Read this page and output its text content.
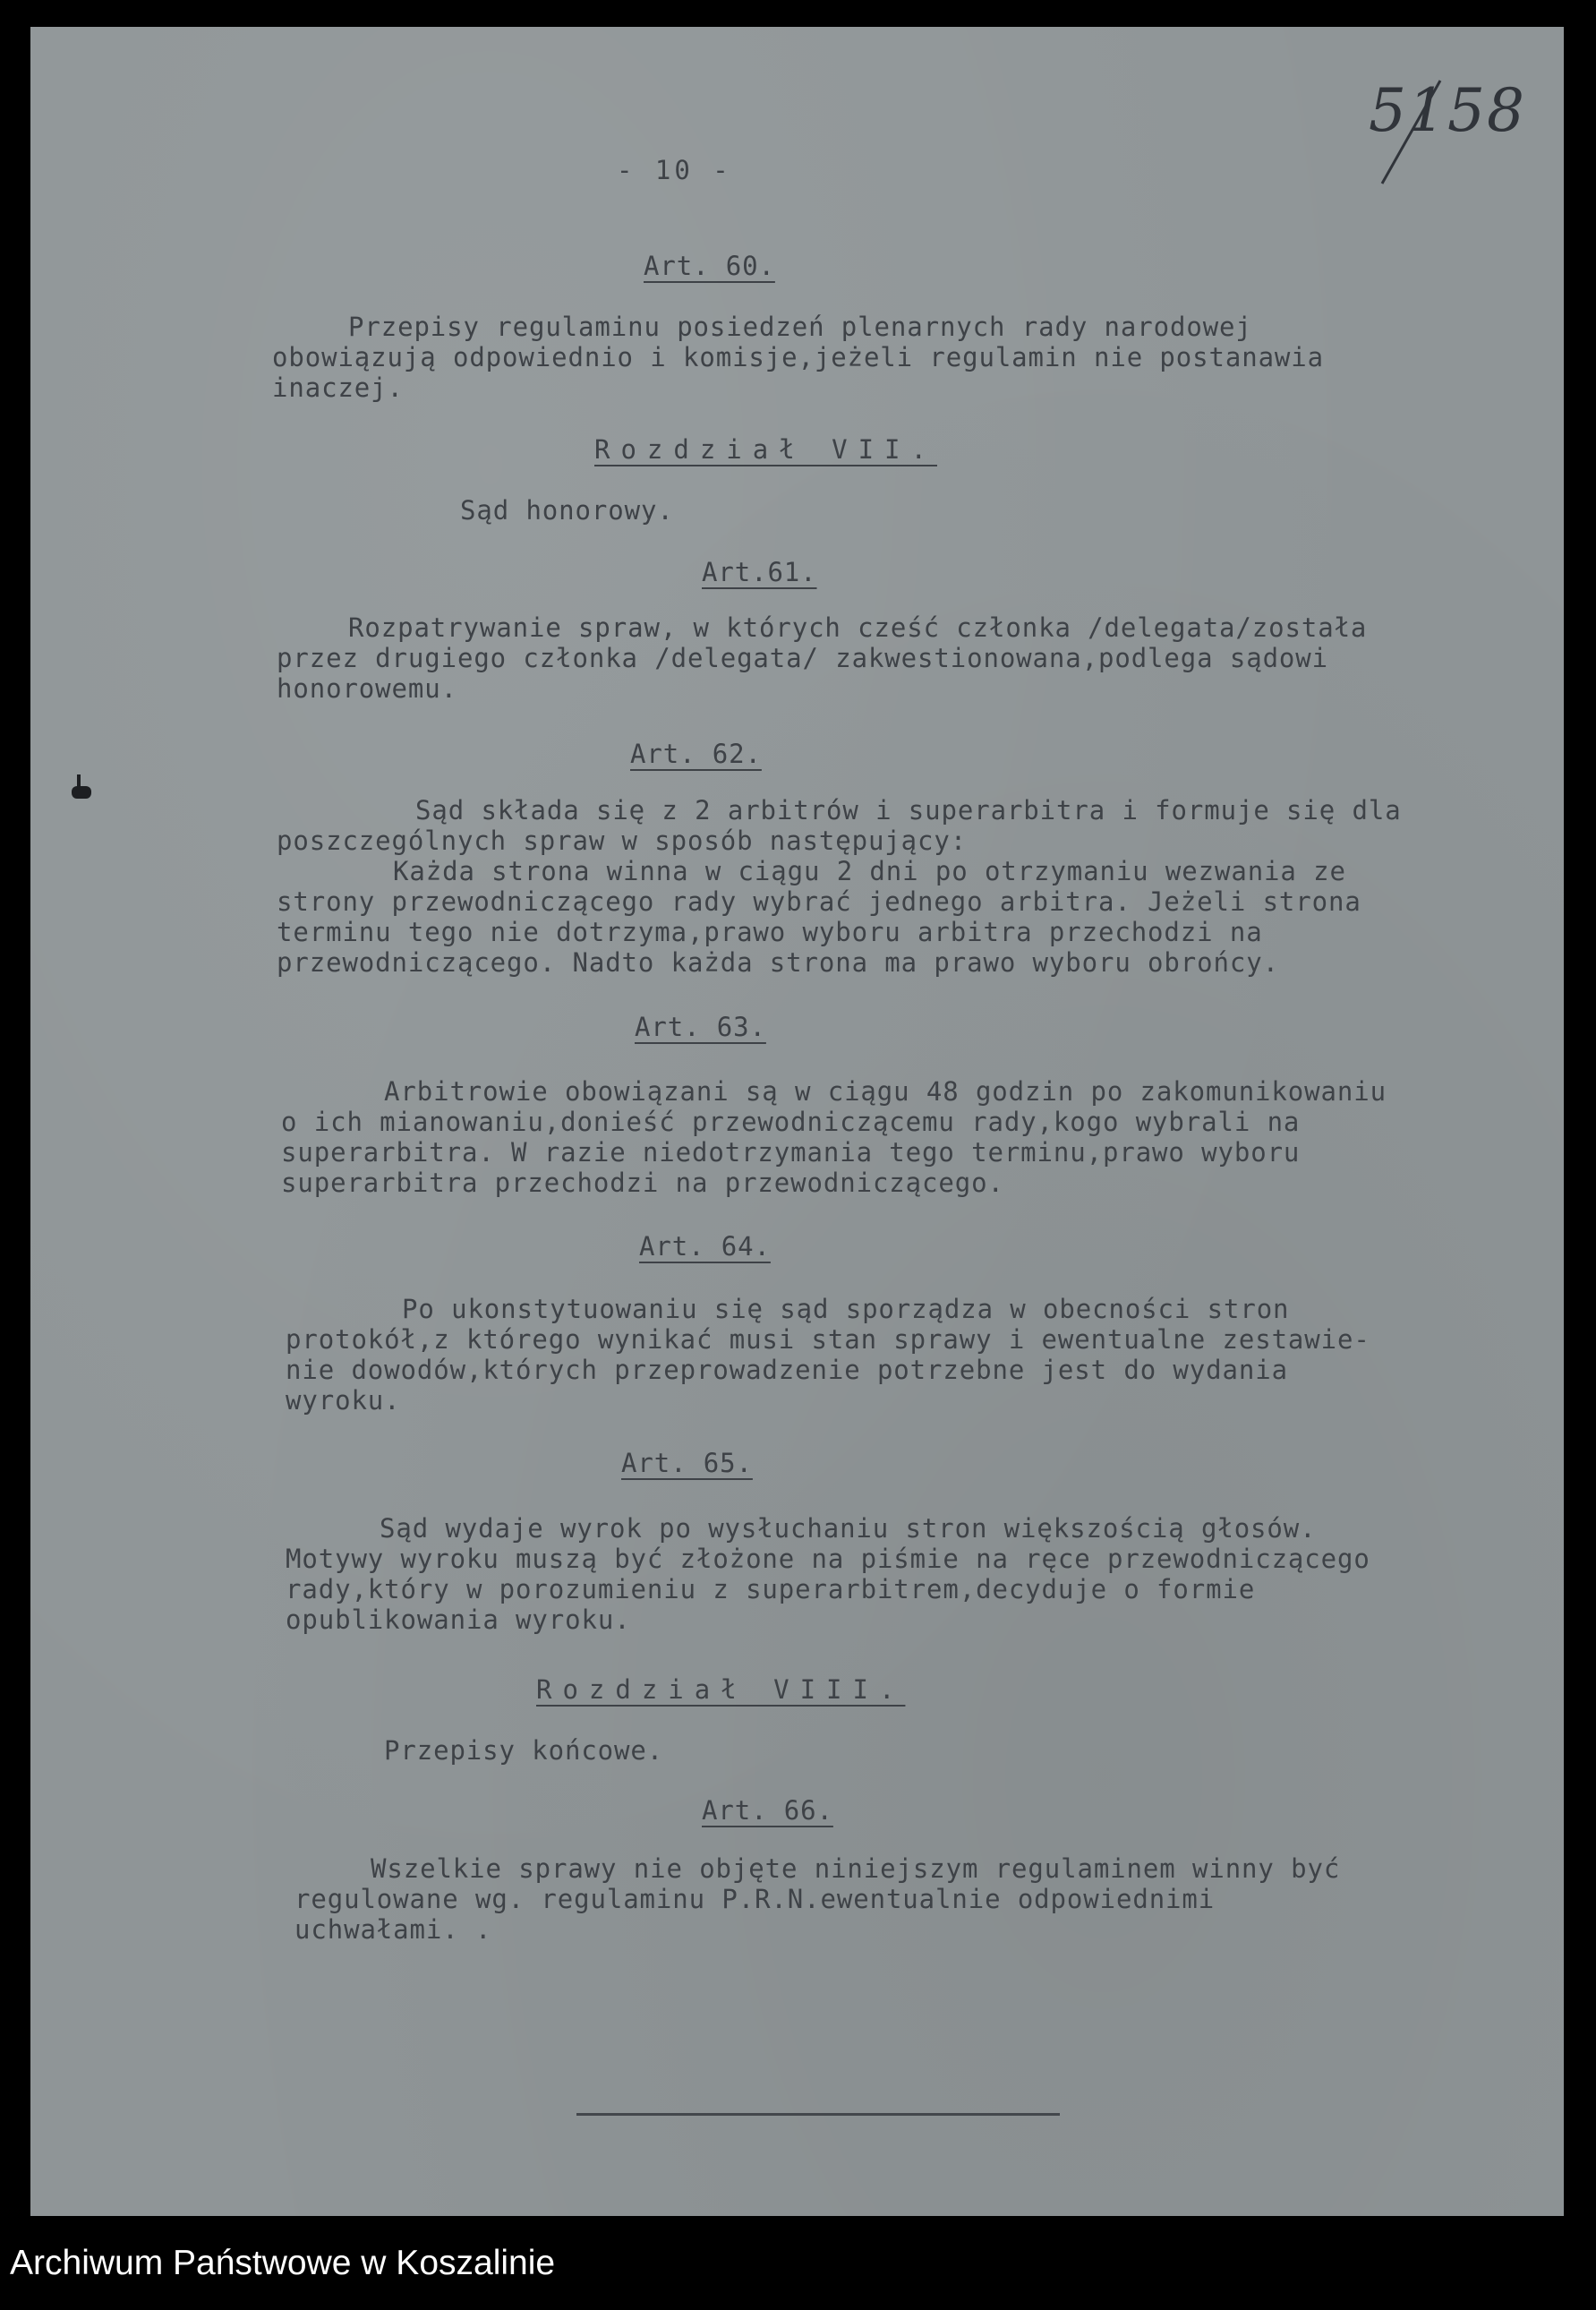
5158
- 10 -
Art. 60.
Przepisy regulaminu posiedzeń plenarnych rady narodowej
obowiązują odpowiednio i komisje,jeżeli regulamin nie postanawia
inaczej.
Rozdział VII.
Sąd honorowy.
Art.61.
Rozpatrywanie spraw, w których cześć członka /delegata/została
przez drugiego członka /delegata/ zakwestionowana,podlega sądowi
honorowemu.
Art. 62.
Sąd składa się z 2 arbitrów i superarbitra i formuje się dla
poszczególnych spraw w sposób następujący:
Każda strona winna w ciągu 2 dni po otrzymaniu wezwania ze
strony przewodniczącego rady wybrać jednego arbitra. Jeżeli strona
terminu tego nie dotrzyma,prawo wyboru arbitra przechodzi na
przewodniczącego. Nadto każda strona ma prawo wyboru obrońcy.
Art. 63.
Arbitrowie obowiązani są w ciągu 48 godzin po zakomunikowaniu
o ich mianowaniu,donieść przewodniczącemu rady,kogo wybrali na
superarbitra. W razie niedotrzymania tego terminu,prawo wyboru
superarbitra przechodzi na przewodniczącego.
Art. 64.
Po ukonstytuowaniu się sąd sporządza w obecności stron
protokół,z którego wynikać musi stan sprawy i ewentualne zestawie-
nie dowodów,których przeprowadzenie potrzebne jest do wydania
wyroku.
Art. 65.
Sąd wydaje wyrok po wysłuchaniu stron większością głosów.
Motywy wyroku muszą być złożone na piśmie na ręce przewodniczącego
rady,który w porozumieniu z superarbitrem,decyduje o formie
opublikowania wyroku.
Rozdział VIII.
Przepisy końcowe.
Art. 66.
Wszelkie sprawy nie objęte niniejszym regulaminem winny być
regulowane wg. regulaminu P.R.N.ewentualnie odpowiednimi
uchwałami. .
Archiwum Państwowe w Koszalinie
